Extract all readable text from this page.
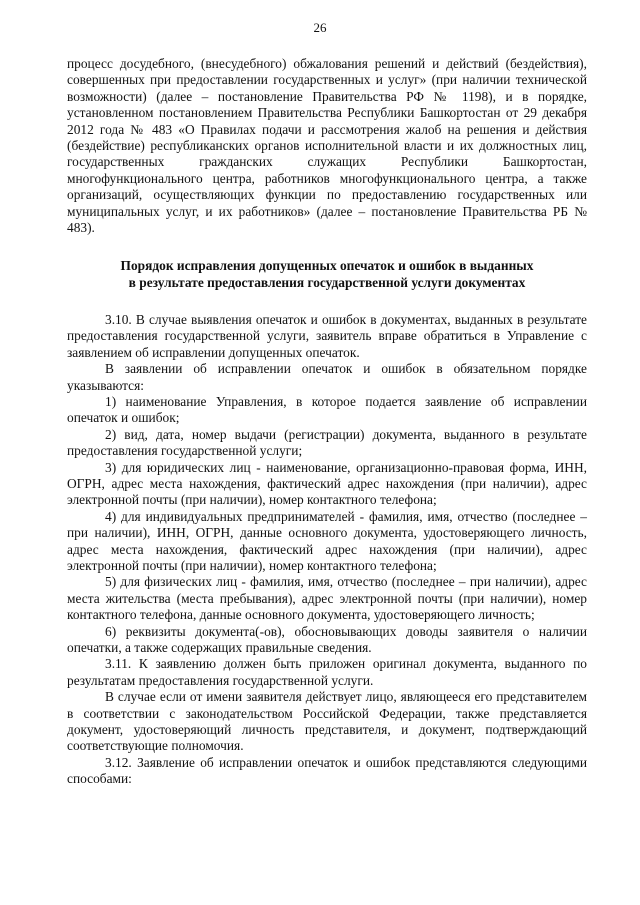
26

процесс досудебного, (внесудебного) обжалования решений и действий (бездействия), совершенных при предоставлении государственных и услуг» (при наличии технической возможности) (далее – постановление Правительства РФ № 1198), и в порядке, установленном постановлением Правительства Республики Башкортостан от 29 декабря 2012 года № 483 «О Правилах подачи и рассмотрения жалоб на решения и действия (бездействие) республиканских органов исполнительной власти и их должностных лиц, государственных гражданских служащих Республики Башкортостан, многофункционального центра, работников многофункционального центра, а также организаций, осуществляющих функции по предоставлению государственных или муниципальных услуг, и их работников» (далее – постановление Правительства РБ № 483).

Порядок исправления допущенных опечаток и ошибок в выданных
в результате предоставления государственной услуги документах

3.10. В случае выявления опечаток и ошибок в документах, выданных в результате предоставления государственной услуги, заявитель вправе обратиться в Управление с заявлением об исправлении допущенных опечаток.

В заявлении об исправлении опечаток и ошибок в обязательном порядке указываются:

1) наименование Управления, в которое подается заявление об исправлении опечаток и ошибок;

2) вид, дата, номер выдачи (регистрации) документа, выданного в результате предоставления государственной услуги;

3) для юридических лиц - наименование, организационно-правовая форма, ИНН, ОГРН, адрес места нахождения, фактический адрес нахождения (при наличии), адрес электронной почты (при наличии), номер контактного телефона;

4) для индивидуальных предпринимателей - фамилия, имя, отчество (последнее – при наличии), ИНН, ОГРН, данные основного документа, удостоверяющего личность, адрес места нахождения, фактический адрес нахождения (при наличии), адрес электронной почты (при наличии), номер контактного телефона;

5) для физических лиц - фамилия, имя, отчество (последнее – при наличии), адрес места жительства (места пребывания), адрес электронной почты (при наличии), номер контактного телефона, данные основного документа, удостоверяющего личность;

6) реквизиты документа(-ов), обосновывающих доводы заявителя о наличии опечатки, а также содержащих правильные сведения.

3.11. К заявлению должен быть приложен оригинал документа, выданного по результатам предоставления государственной услуги.

В случае если от имени заявителя действует лицо, являющееся его представителем в соответствии с законодательством Российской Федерации, также представляется документ, удостоверяющий личность представителя, и документ, подтверждающий соответствующие полномочия.

3.12. Заявление об исправлении опечаток и ошибок представляются следующими способами:
